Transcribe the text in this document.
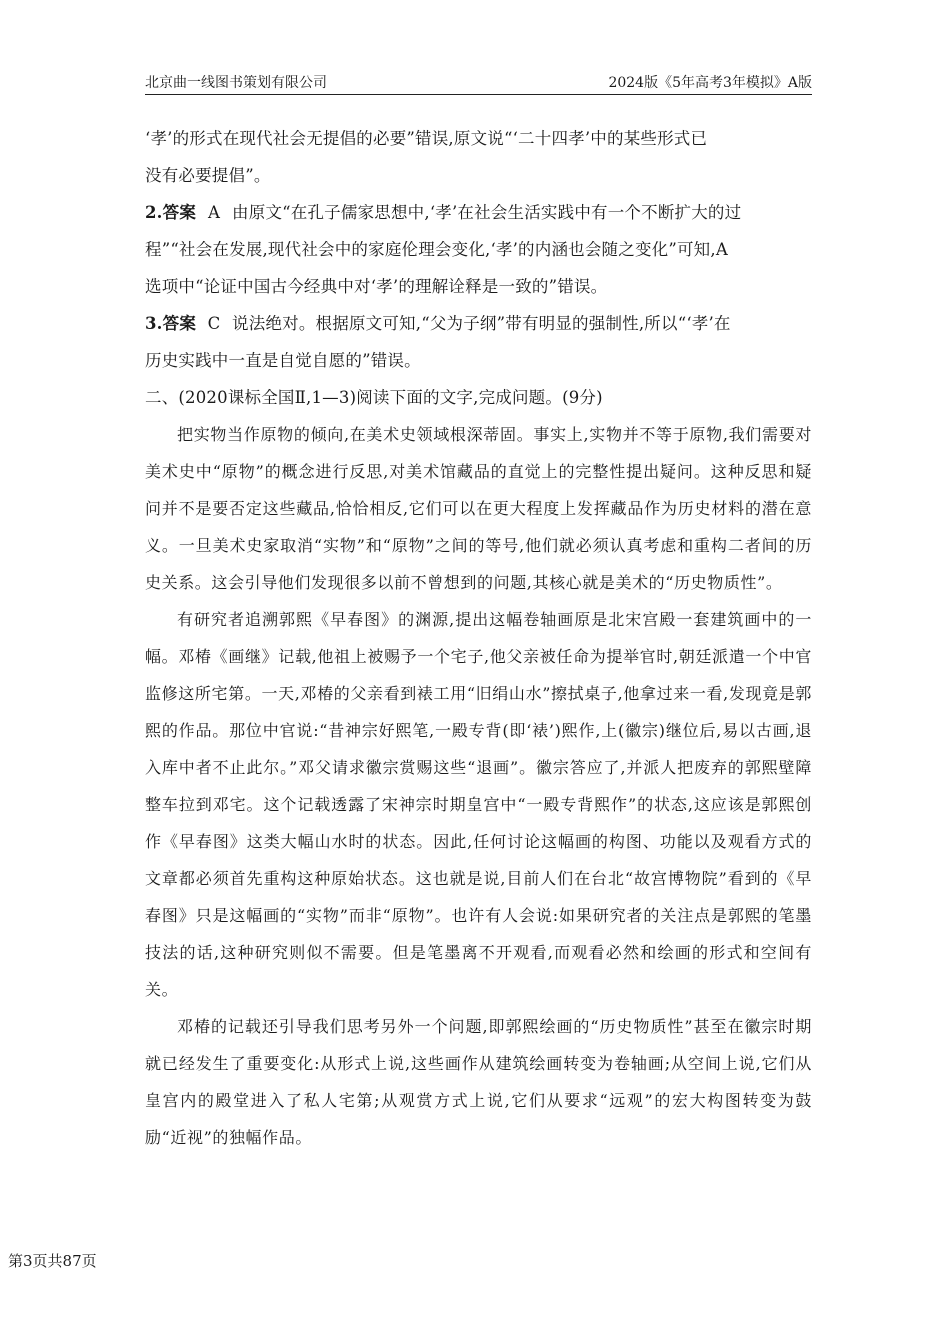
北京曲一线图书策划有限公司	2024版《5年高考3年模拟》A版
‘孝’的形式在现代社会无提倡的必要”错误,原文说“‘二十四孝’中的某些形式已
没有必要提倡”。
2.答案 A 由原文“在孔子儒家思想中,‘孝’在社会生活实践中有一个不断扩大的过
程”“社会在发展,现代社会中的家庭伦理会变化,‘孝’的内涵也会随之变化”可知,A
选项中“论证中国古今经典中对‘孝’的理解诠释是一致的”错误。
3.答案 C 说法绝对。根据原文可知,“父为子纲”带有明显的强制性,所以“‘孝’在
历史实践中一直是自觉自愿的”错误。
二、(2020课标全国Ⅱ,1—3)阅读下面的文字,完成问题。(9分)

把实物当作原物的倾向,在美术史领域根深蒂固。事实上,实物并不等于原物,我们需要对美术史中“原物”的概念进行反思,对美术馆藏品的直觉上的完整性提出疑问。这种反思和疑问并不是要否定这些藏品,恰恰相反,它们可以在更大程度上发挥藏品作为历史材料的潜在意义。一旦美术史家取消“实物”和“原物”之间的等号,他们就必须认真考虑和重构二者间的历史关系。这会引导他们发现很多以前不曾想到的问题,其核心就是美术的“历史物质性”。

有研究者追溯郭熙《早春图》的渊源,提出这幅卷轴画原是北宋宫殿一套建筑画中的一幅。邓椿《画继》记载,他祖上被赐予一个宅子,他父亲被任命为提举官时,朝廷派遣一个中官监修这所宅第。一天,邓椿的父亲看到裱工用“旧绢山水”擦拭桌子,他拿过来一看,发现竟是郭熙的作品。那位中官说:“昔神宗好熙笔,一殿专背(即‘裱’)熙作,上(徽宗)继位后,易以古画,退入库中者不止此尔。”邓父请求徽宗赏赐这些“退画”。徽宗答应了,并派人把废弃的郭熙壁障整车拉到邓宅。这个记载透露了宋神宗时期皇宫中“一殿专背熙作”的状态,这应该是郭熙创作《早春图》这类大幅山水时的状态。因此,任何讨论这幅画的构图、功能以及观看方式的文章都必须首先重构这种原始状态。这也就是说,目前人们在台北“故宫博物院”看到的《早春图》只是这幅画的“实物”而非“原物”。也许有人会说:如果研究者的关注点是郭熙的笔墨技法的话,这种研究则似不需要。但是笔墨离不开观看,而观看必然和绘画的形式和空间有关。

邓椿的记载还引导我们思考另外一个问题,即郭熙绘画的“历史物质性”甚至在徽宗时期就已经发生了重要变化:从形式上说,这些画作从建筑绘画转变为卷轴画;从空间上说,它们从皇宫内的殿堂进入了私人宅第;从观赏方式上说,它们从要求“远观”的宏大构图转变为鼓励“近视”的独幅作品。

第3页共87页
